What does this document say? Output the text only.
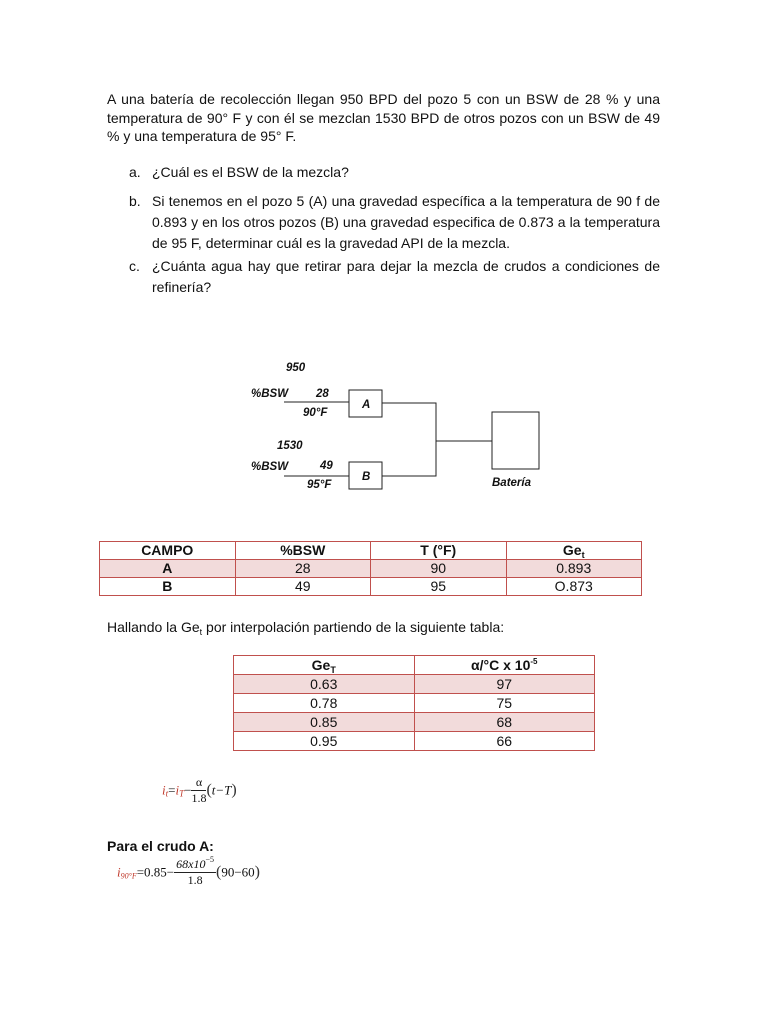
A una batería de recolección llegan 950 BPD del pozo 5 con un BSW de 28 % y una temperatura de 90° F y con él se mezclan 1530 BPD de otros pozos con un BSW de 49 % y una temperatura de 95° F.

a. ¿Cuál es el BSW de la mezcla?
b. Si tenemos en el pozo 5 (A) una gravedad específica a la temperatura de 90 f de 0.893 y en los otros pozos (B) una gravedad especifica de 0.873 a la temperatura de 95 F, determinar cuál es la gravedad API de la mezcla.
c. ¿Cuánta agua hay que retirar para dejar la mezcla de crudos a condiciones de refinería?
950
%BSW 28
90°F
A
1530
%BSW	49
95°F
B	Batería
CAMPO	%BSW	T (°F)	$Ge_t$
A	28	90	0.893
B	49	95	O.873
Hallando la $Ge_t$ por interpolación partiendo de la siguiente tabla:
$Ge_T$	α/°C x $10^{-5}$
0.63	97
0.78	75
0.85	68
0.95	66
$i_t=i_T- \frac{\alpha}{1.8} (t-T)$
Para el crudo A:
$i_{90^\circ F}=0.85- \frac{68x10^{-5}}{1.8} (90-60)$
